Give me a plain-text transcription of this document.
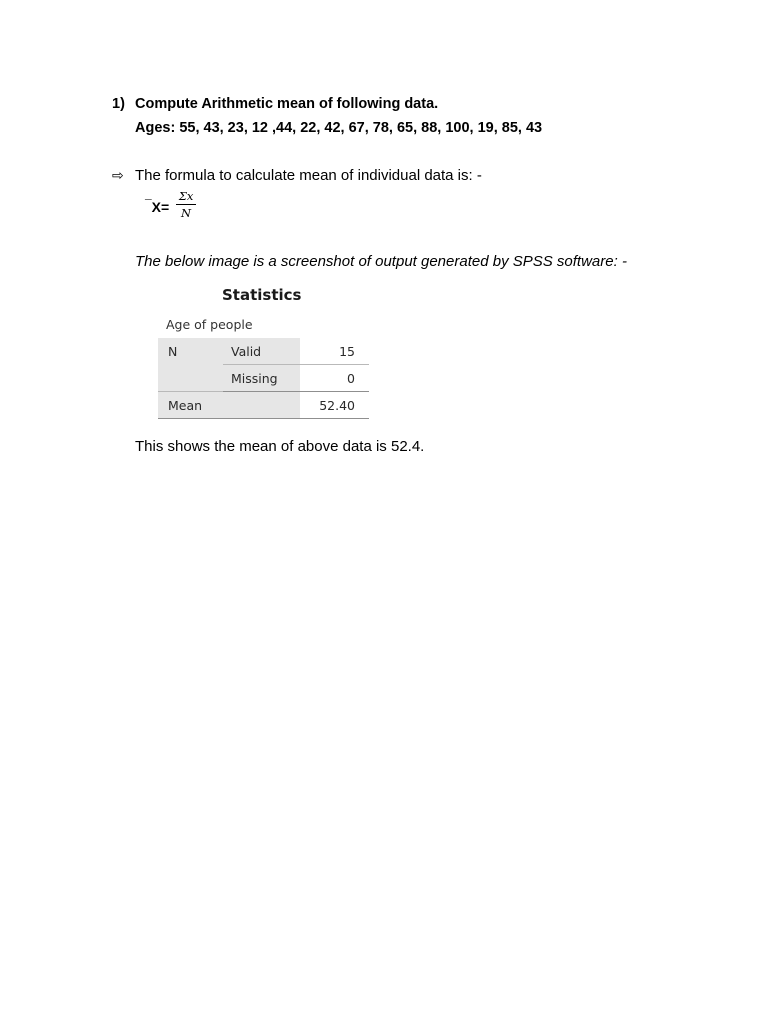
1) Compute Arithmetic mean of following data.
Ages: 55, 43, 23, 12 ,44, 22, 42, 67, 78, 65, 88, 100, 19, 85, 43
⇨ The formula to calculate mean of individual data is: -
¯X=
Σx
N
The below image is a screenshot of output generated by SPSS software: -
Statistics
Age of people
N	Valid	15
	Missing	0
Mean		52.40
This shows the mean of above data is 52.4.
